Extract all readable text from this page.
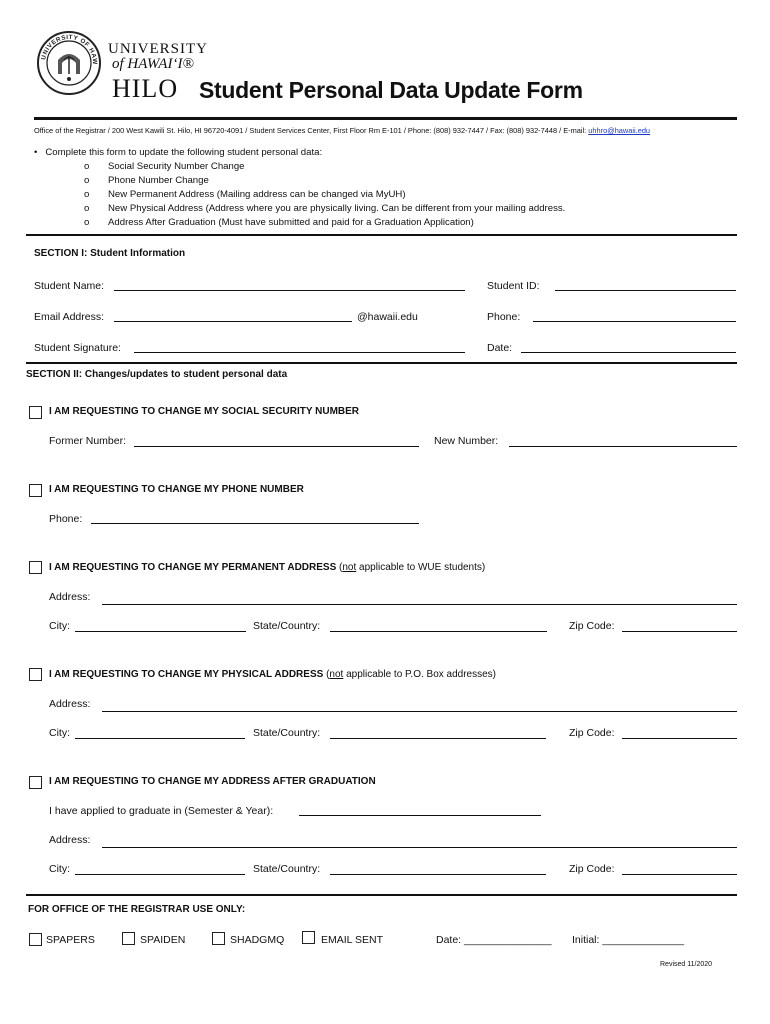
UNIVERSITY OF HAW
UNIVERSITY
of HAWAIʻI®
HILO Student Personal Data Update Form
Office of the Registrar / 200 West Kawili St. Hilo, HI 96720-4091 / Student Services Center, First Floor Rm E-101 / Phone: (808) 932-7447 / Fax: (808) 932-7448 / E-mail: uhhro@hawaii.edu
•   Complete this form to update the following student personal data:
o       Social Security Number Change
o       Phone Number Change
o       New Permanent Address (Mailing address can be changed via MyUH)
o       New Physical Address (Address where you are physically living. Can be different from your mailing address.
o       Address After Graduation (Must have submitted and paid for a Graduation Application)
SECTION I: Student Information
Student Name:	Student ID:
Email Address:	@hawaii.edu	Phone:
Student Signature:	Date:
SECTION II: Changes/updates to student personal data
I AM REQUESTING TO CHANGE MY SOCIAL SECURITY NUMBER
Former Number:	New Number:
I AM REQUESTING TO CHANGE MY PHONE NUMBER
Phone:
I AM REQUESTING TO CHANGE MY PERMANENT ADDRESS (not applicable to WUE students)
Address:
City:	State/Country:	Zip Code:
I AM REQUESTING TO CHANGE MY PHYSICAL ADDRESS (not applicable to P.O. Box addresses)
Address:
City:	State/Country:	Zip Code:
I AM REQUESTING TO CHANGE MY ADDRESS AFTER GRADUATION
I have applied to graduate in (Semester & Year):
Address:
City:	State/Country:	Zip Code:
FOR OFFICE OF THE REGISTRAR USE ONLY:
SPAPERS	SPAIDEN	SHADGMQ	EMAIL SENT	Date: _______________ Initial: ______________
Revised 11/2020
